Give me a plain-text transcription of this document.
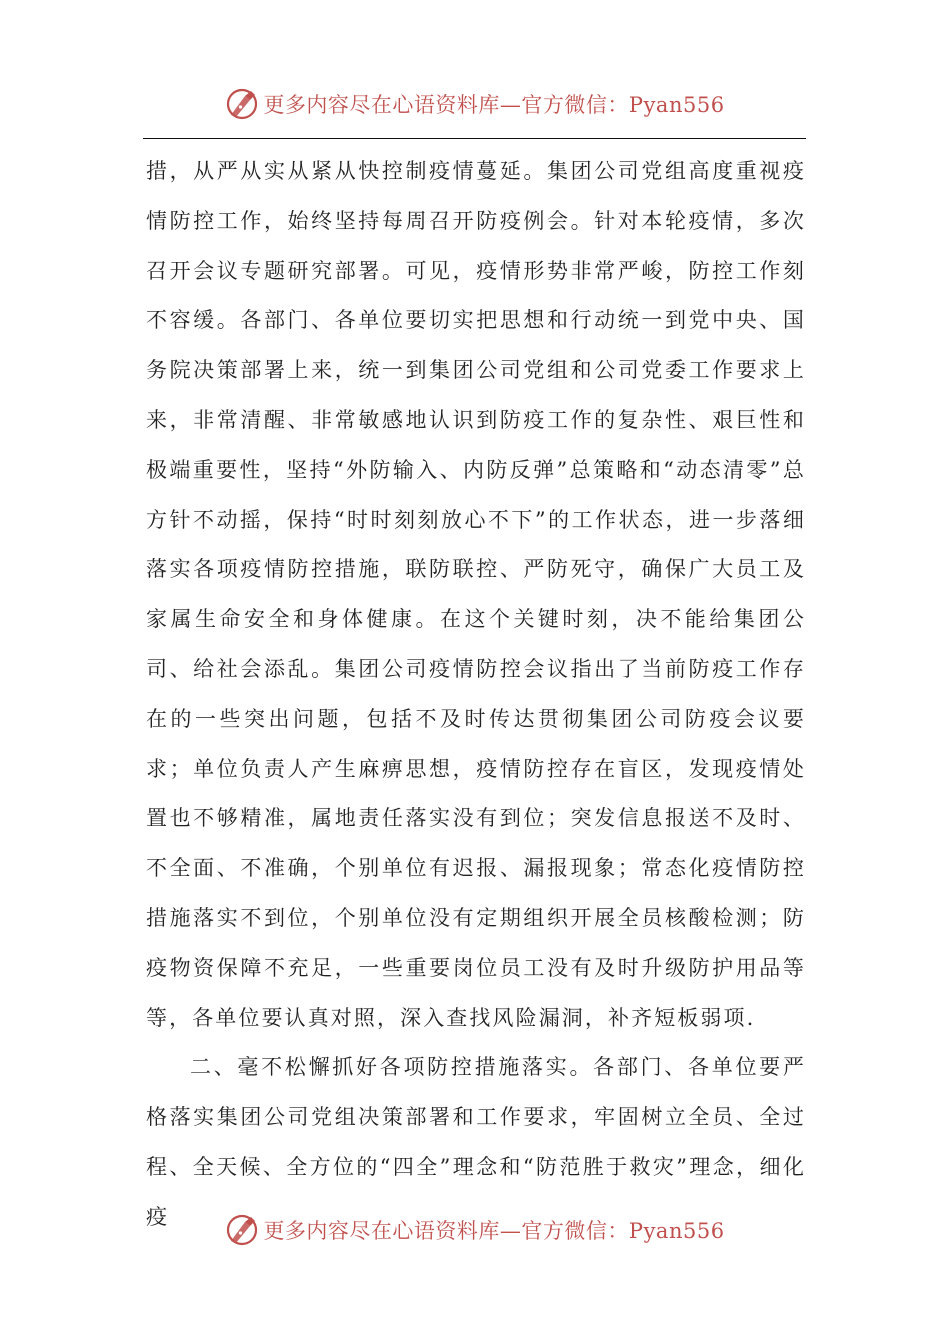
更多内容尽在心语资料库—官方微信：Pyan556

措，从严从实从紧从快控制疫情蔓延。集团公司党组高度重视疫情防控工作，始终坚持每周召开防疫例会。针对本轮疫情，多次召开会议专题研究部署。可见，疫情形势非常严峻，防控工作刻不容缓。各部门、各单位要切实把思想和行动统一到党中央、国务院决策部署上来，统一到集团公司党组和公司党委工作要求上来，非常清醒、非常敏感地认识到防疫工作的复杂性、艰巨性和极端重要性，坚持“外防输入、内防反弹”总策略和“动态清零”总方针不动摇，保持“时时刻刻放心不下”的工作状态，进一步落细落实各项疫情防控措施，联防联控、严防死守，确保广大员工及家属生命安全和身体健康。在这个关键时刻，决不能给集团公司、给社会添乱。集团公司疫情防控会议指出了当前防疫工作存在的一些突出问题，包括不及时传达贯彻集团公司防疫会议要求；单位负责人产生麻痹思想，疫情防控存在盲区，发现疫情处置也不够精准，属地责任落实没有到位；突发信息报送不及时、不全面、不准确，个别单位有迟报、漏报现象；常态化疫情防控措施落实不到位，个别单位没有定期组织开展全员核酸检测；防疫物资保障不充足，一些重要岗位员工没有及时升级防护用品等等，各单位要认真对照，深入查找风险漏洞，补齐短板弱项.

二、毫不松懈抓好各项防控措施落实。各部门、各单位要严格落实集团公司党组决策部署和工作要求，牢固树立全员、全过程、全天候、全方位的“四全”理念和“防范胜于救灾”理念，细化疫

更多内容尽在心语资料库—官方微信：Pyan556
